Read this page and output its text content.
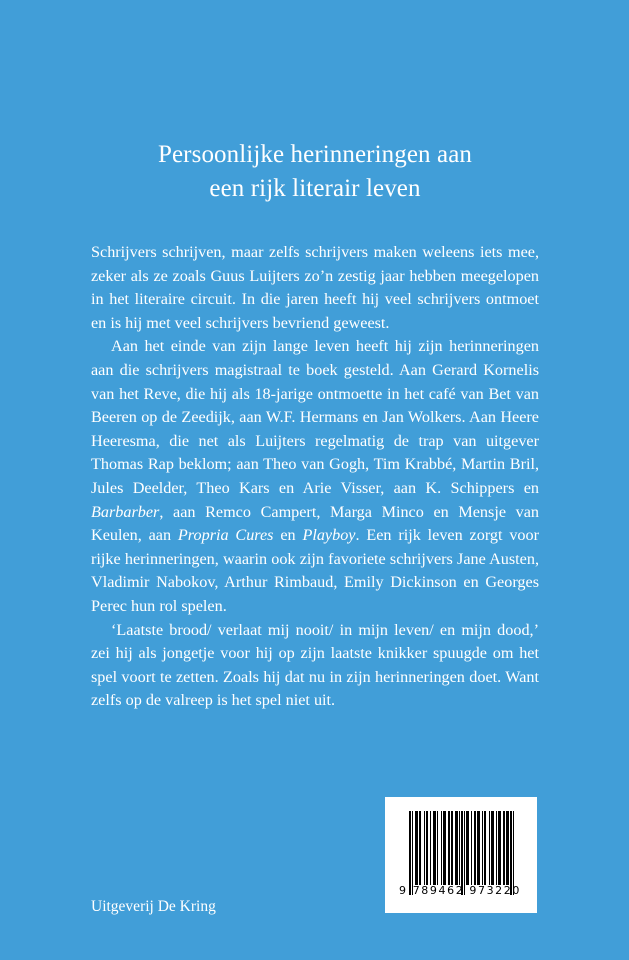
Persoonlijke herinneringen aan
een rijk literair leven

Schrijvers schrijven, maar zelfs schrijvers maken weleens iets mee, zeker als ze zoals Guus Luijters zo’n zestig jaar hebben meegelopen in het literaire circuit. In die jaren heeft hij veel schrijvers ontmoet en is hij met veel schrijvers bevriend geweest.

Aan het einde van zijn lange leven heeft hij zijn herinneringen aan die schrijvers magistraal te boek gesteld. Aan Gerard Kornelis van het Reve, die hij als 18-jarige ontmoette in het café van Bet van Beeren op de Zeedijk, aan W.F. Hermans en Jan Wolkers. Aan Heere Heeresma, die net als Luijters regelmatig de trap van uitgever Thomas Rap beklom; aan Theo van Gogh, Tim Krabbé, Martin Bril, Jules Deelder, Theo Kars en Arie Visser, aan K. Schippers en Barbarber, aan Remco Campert, Marga Minco en Mensje van Keulen, aan Propria Cures en Playboy. Een rijk leven zorgt voor rijke herinneringen, waarin ook zijn favoriete schrijvers Jane Austen, Vladimir Nabokov, Arthur Rimbaud, Emily Dickinson en Georges Perec hun rol spelen.

‘Laatste brood/ verlaat mij nooit/ in mijn leven/ en mijn dood,’ zei hij als jongetje voor hij op zijn laatste knikker spuugde om het spel voort te zetten. Zoals hij dat nu in zijn herinneringen doet. Want zelfs op de valreep is het spel niet uit.

Uitgeverij De Kring
9 789462 973220
